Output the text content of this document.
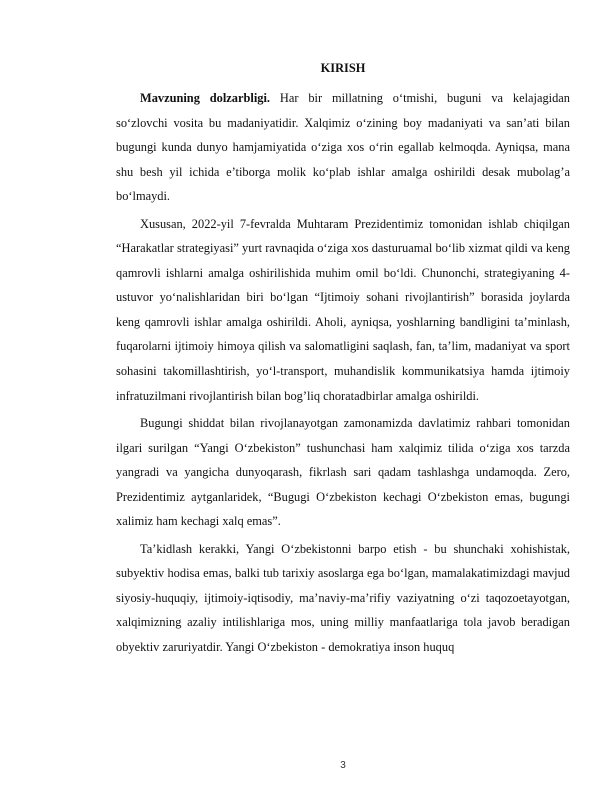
KIRISH

Mavzuning dolzarbligi. Har bir millatning o‘tmishi, buguni va kelajagidan so‘zlovchi vosita bu madaniyatidir. Xalqimiz o‘zining boy madaniyati va san’ati bilan bugungi kunda dunyo hamjamiyatida o‘ziga xos o‘rin egallab kelmoqda. Ayniqsa, mana shu besh yil ichida e’tiborga molik ko‘plab ishlar amalga oshirildi desak mubolag’a bo‘lmaydi.

Xususan, 2022-yil 7-fevralda Muhtaram Prezidentimiz tomonidan ishlab chiqilgan “Harakatlar strategiyasi” yurt ravnaqida o‘ziga xos dasturuamal bo‘lib xizmat qildi va keng qamrovli ishlarni amalga oshirilishida muhim omil bo‘ldi. Chunonchi, strategiyaning 4-ustuvor yo‘nalishlaridan biri bo‘lgan “Ijtimoiy sohani rivojlantirish” borasida joylarda keng qamrovli ishlar amalga oshirildi. Aholi, ayniqsa, yoshlarning bandligini ta’minlash, fuqarolarni ijtimoiy himoya qilish va salomatligini saqlash, fan, ta’lim, madaniyat va sport sohasini takomillashtirish, yo‘l-transport, muhandislik kommunikatsiya hamda ijtimoiy infratuzilmani rivojlantirish bilan bog’liq choratadbirlar amalga oshirildi.

Bugungi shiddat bilan rivojlanayotgan zamonamizda davlatimiz rahbari tomonidan ilgari surilgan “Yangi O‘zbekiston” tushunchasi ham xalqimiz tilida o‘ziga xos tarzda yangradi va yangicha dunyoqarash, fikrlash sari qadam tashlashga undamoqda. Zero, Prezidentimiz aytganlaridek, “Bugugi O‘zbekiston kechagi O‘zbekiston emas, bugungi xalimiz ham kechagi xalq emas”.

Ta’kidlash kerakki, Yangi O‘zbekistonni barpo etish - bu shunchaki xohishistak, subyektiv hodisa emas, balki tub tarixiy asoslarga ega bo‘lgan, mamalakatimizdagi mavjud siyosiy-huquqiy, ijtimoiy-iqtisodiy, ma’naviy-ma’rifiy vaziyatning o‘zi taqozoetayotgan, xalqimizning azaliy intilishlariga mos, uning milliy manfaatlariga tola javob beradigan obyektiv zaruriyatdir. Yangi O‘zbekiston - demokratiya inson huquq

3
